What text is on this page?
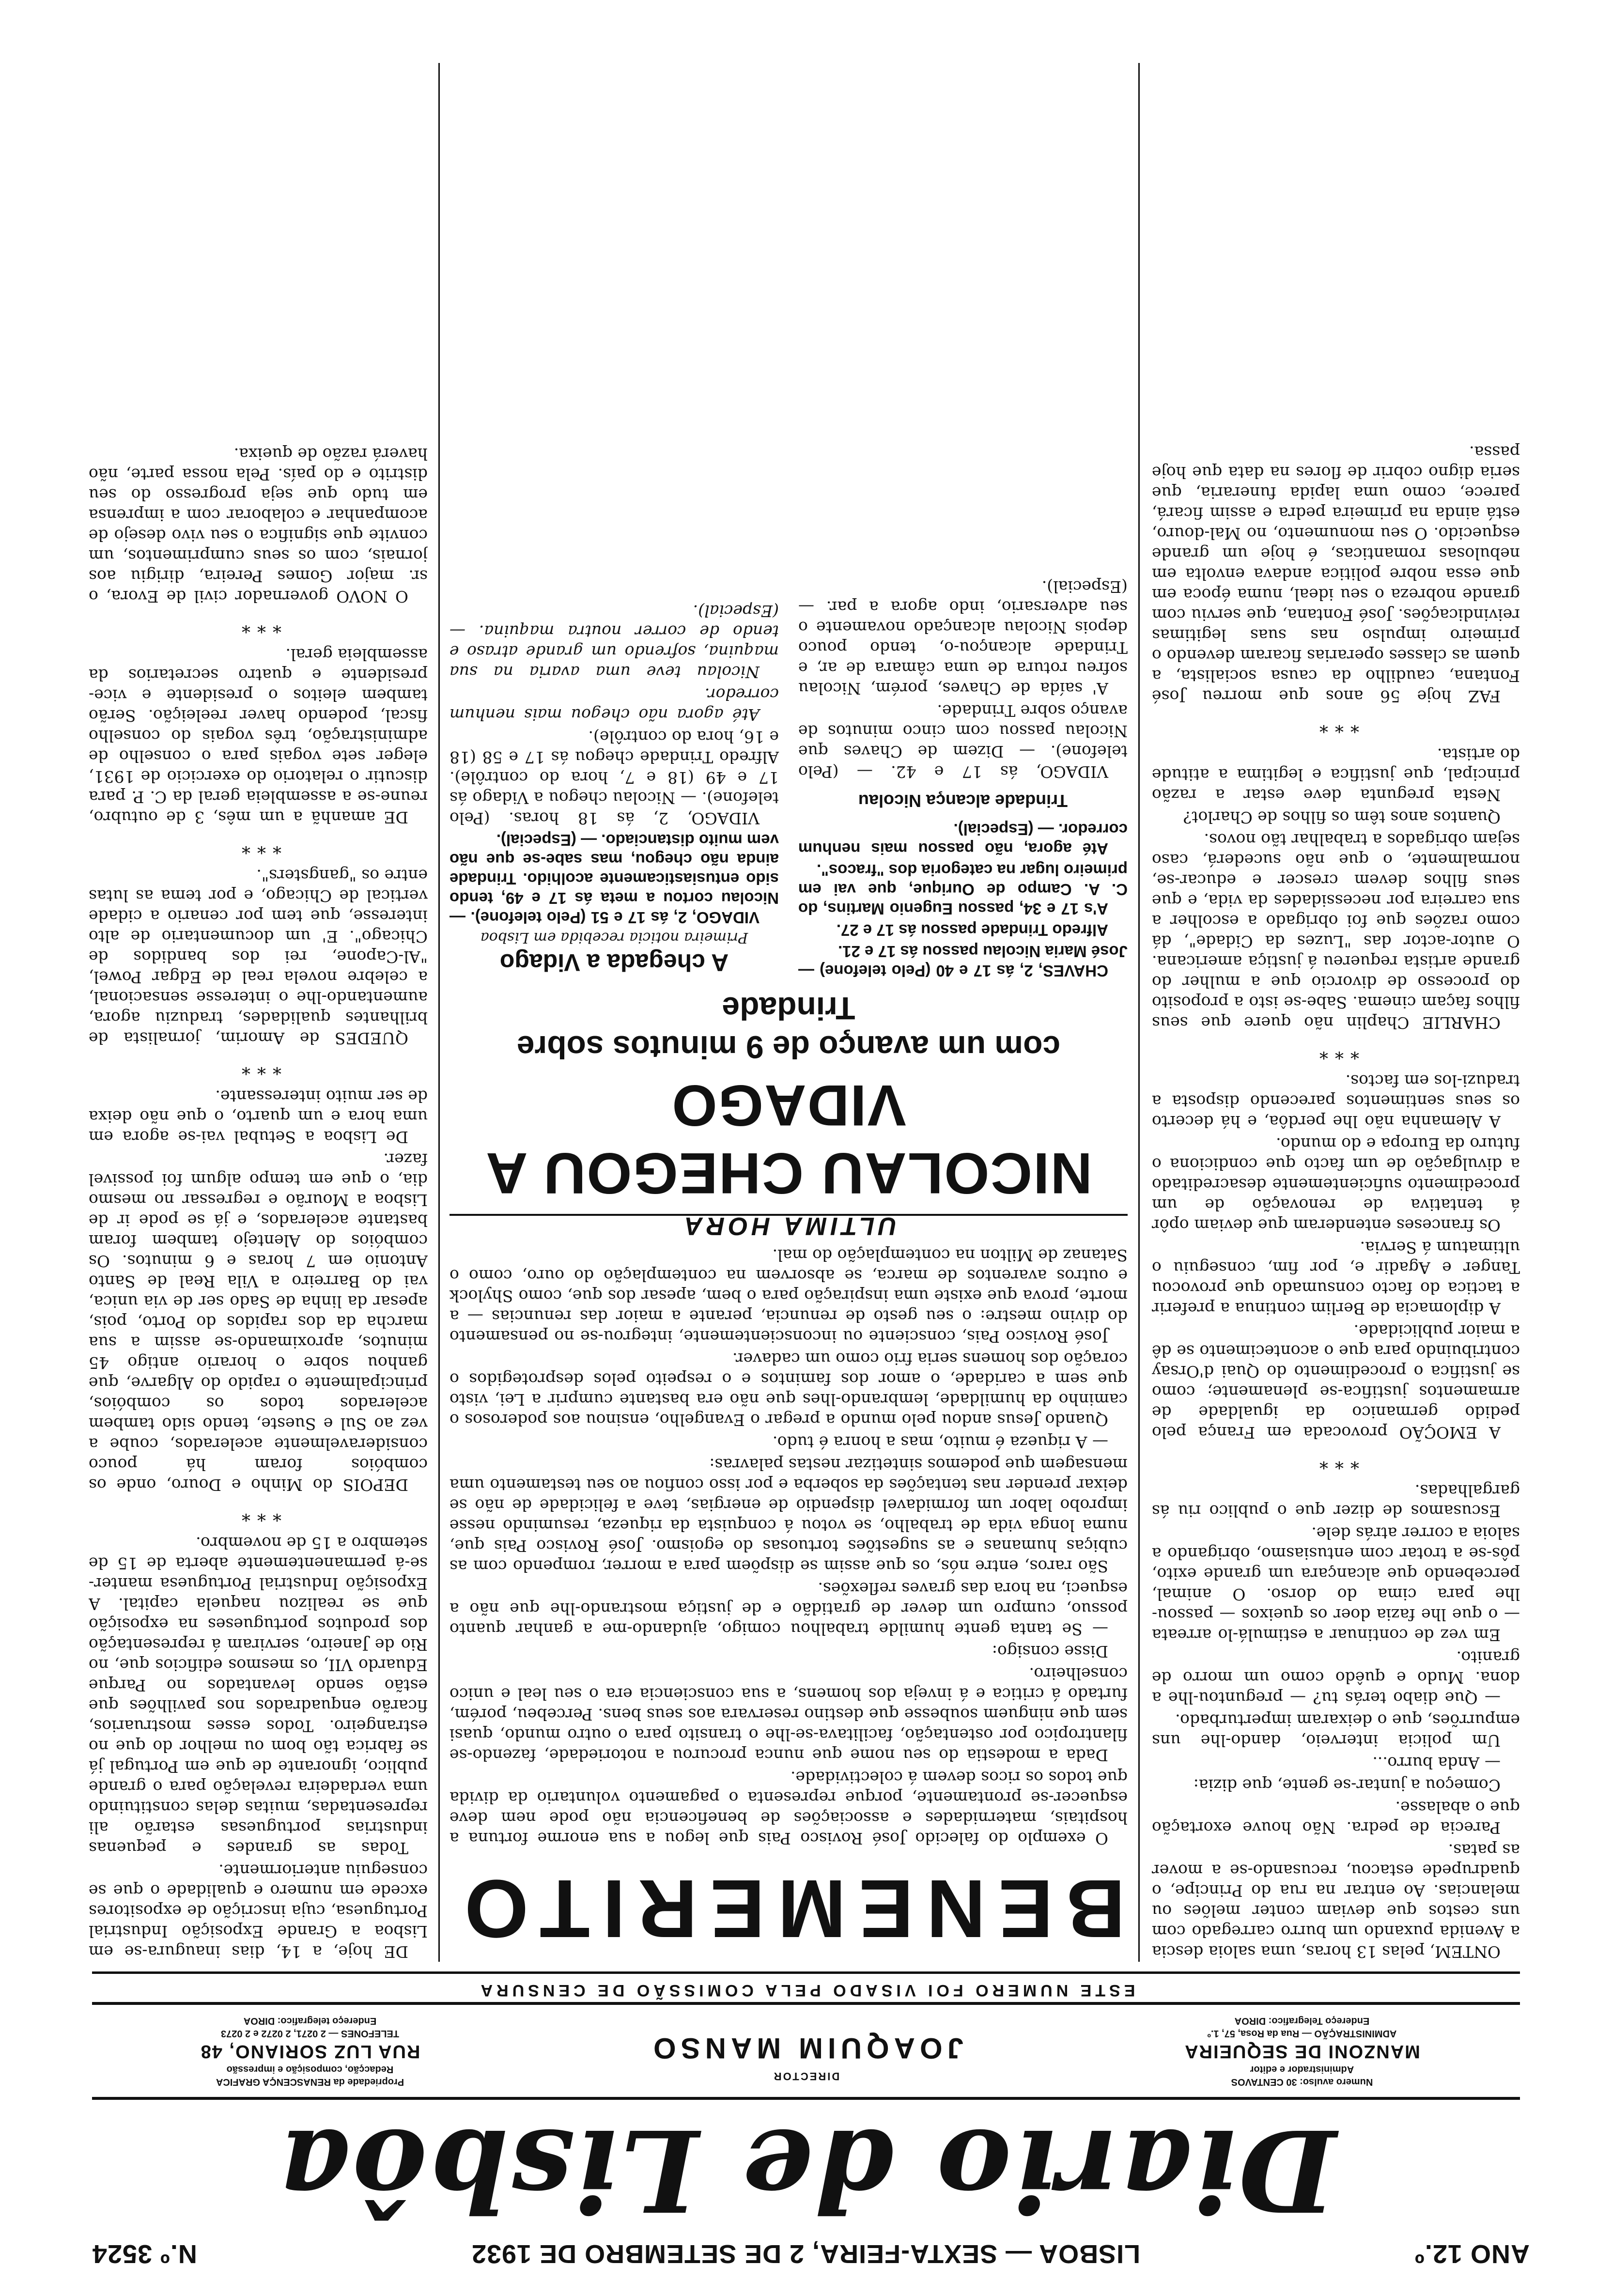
ANO 12.º
LISBOA — SEXTA-FEIRA, 2 DE SETEMBRO DE 1932
N.º 3524
Diario de Lisbôa
Numero avulso: 30 CENTAVOS
Administrador e editor
MANZONI DE SEQUEIRA
ADMINISTRAÇÃO — Rua da Rosa, 57, 1.º
Endereço Telegrafico: DIROA
DIRECTOR
JOAQUIM MANSO
Propriedade da RENASCENÇA GRAFICA
Redacção, composição e impressão
RUA LUZ SORIANO, 48
TELEFONES — 2 0271, 2 0272 e 2 0273
Endereço telegrafico: DIROA
ESTE NUMERO FOI VISADO PELA COMISSÃO DE CENSURA

ONTEM, pelas 13 horas, uma saloia descia a Avenida puxando um burro carregado com uns cestos que deviam conter melões ou melancias. Ao entrar na rua do Principe, o quadrupede estacou, recusando-se a mover as patas.

Parecia de pedra. Não houve exortação que o abalasse.

Começou a juntar-se gente, que dizia:

— Anda burro...

Um policia interveio, dando-lhe uns empurrões, que o deixaram imperturbado.

— Que diabo terás tu? — preguntou-lhe a dona. Mudo e quêdo como um morro de granito.

Em vez de continuar a estimulá-lo arreata — o que lhe fazia doer os queixos — passou-lhe para cima do dorso. O animal, percebendo que alcançara um grande exito, pôs-se a trotar com entusiasmo, obrigando a saloia a correr atrás dele.

Escusamos de dizer que o publico riu ás gargalhadas.

***

A EMOÇÃO provocada em França pelo pedido germanico da igualdade de armamentos justifica-se plenamente; como se justifica o procedimento do Quai d'Orsay contribuindo para que o acontecimento se dê a maior publicidade.

A diplomacia de Berlim continua a preferir a tactica do facto consumado que provocou Tanger e Agadir e, por fim, conseguiu o ultimatum á Servia.

Os franceses entenderam que deviam opôr á tentativa de renovação de um procedimento suficientemente desacreditado a divulgação de um facto que condiciona o futuro da Europa e do mundo.

A Alemanha não lhe perdôa, e há decerto os seus sentimentos parecendo disposta a traduzi-los em factos.

***

CHARLIE Chaplin não quere que seus filhos façam cinema. Sabe-se isto a proposito do processo de divorcio que a mulher do grande artista requereu á justiça americana. O autor-actor das "Luzes da Cidade", dá como razões que foi obrigado a escolher a sua carreira por necessidades da vida, e que seus filhos devem crescer e educar-se, normalmente, o que não sucederá, caso sejam obrigados a trabalhar tão novos.

Quantos anos têm os filhos de Charlot?

Nesta pregunta deve estar a razão principal, que justifica e legitima a atitude do artista.

***

FAZ hoje 56 anos que morreu José Fontana, caudilho da causa socialista, a quem as classes operarias ficaram devendo o primeiro impulso nas suas legitimas reivindicações. José Fontana, que serviu com grande nobreza o seu ideal, numa época em que essa nobre politica andava envolta em nebulosas romanticas, é hoje um grande esquecido. O seu monumento, no Mal-douro, está ainda na primeira pedra e assim ficará, parece, como uma lapida funeraria, que seria digno cobrir de flores na data que hoje passa.

BENEMERITO

O exemplo do falecido José Rovisco Pais que legou a sua enorme fortuna a hospitais, maternidades e associações de beneficencia não pode nem deve esquecer-se prontamente, porque representa o pagamento voluntario da divida que todos os ricos devem á colectividade.

Dada a modestia do seu nome que nunca procurou a notoriedade, fazendo-se filantropico por ostentação, facilitava-se-lhe o transito para o outro mundo, quasi sem que ninguem soubesse que destino reservara aos seus bens. Percebeu, porém, furtado á critica e á inveja dos homens, a sua consciencia era o seu leal e unico conselheiro.

Disse consigo:

— Se tanta gente humilde trabalhou comigo, ajudando-me a ganhar quanto possuo, cumpro um dever de gratidão e de justiça mostrando-lhe que não a esqueci, na hora das graves reflexões.

São raros, entre nós, os que assim se dispõem para a morrer, rompendo com as cubiças humanas e as sugestões tortuosas do egoismo. José Rovisco Pais que, numa longa vida de trabalho, se votou á conquista da riqueza, resumindo nesse improbo labor um formidavel dispendio de energias, teve a felicidade de não se deixar prender nas tentações da soberba e por isso confiou ao seu testamento uma mensagem que podemos sintetizar nestas palavras:

— A riqueza é muito, mas a honra é tudo.

Quando Jesus andou pelo mundo a pregar o Evangelho, ensinou aos poderosos o caminho da humildade, lembrando-lhes que não era bastante cumprir a Lei, visto que sem a caridade, o amor dos famintos e o respeito pelos desprotegidos o coração dos homens seria frio como um cadaver.

José Rovisco Pais, consciente ou inconscientemente, integrou-se no pensamento do divino mestre: o seu gesto de renuncia, perante a maior das renuncias — a morte, prova que existe uma inspiração para o bem, apesar dos que, como Shylock e outros avarentos de marca, se absorvem na contemplação do ouro, como o Satanaz de Milton na contemplação do mal.

ULTIMA HORA
NICOLAU CHEGOU A VIDAGO
com um avanço de 9 minutos sobre Trindade

CHAVES, 2, ás 17 e 40 (Pelo telefone) — José Maria Nicolau passou ás 17 e 21.

Alfredo Trindade passou ás 17 e 27.

A's 17 e 34, passou Eugenio Martins, do C. A. Campo de Ourique, que vai em primeiro lugar na categoria dos "fracos".

Até agora, não passou mais nenhum corredor. — (Especial).

Trindade alcança Nicolau

VIDAGO, ás 17 e 42. — (Pelo telefone). — Dizem de Chaves que Nicolau passou com cinco minutos de avanço sobre Trindade.

A' saída de Chaves, porém, Nicolau sofreu rotura de uma câmara de ar, e Trindade alcançou-o, tendo pouco depois Nicolau alcançado novamente o seu adversario, indo agora a par. — (Especial).

A chegada a Vidago
Primeira noticia recebida em Lisboa

VIDAGO, 2, ás 17 e 51 (Pelo telefone). — Nicolau cortou a meta ás 17 e 49, tendo sido entusiasticamente acolhido. Trindade ainda não chegou, mas sabe-se que não vem muito distanciado. — (Especial).

VIDAGO, 2, ás 18 horas. (Pelo telefone). — Nicolau chegou a Vidago ás 17 e 49 (18 e 7, hora do contrôle). Alfredo Trindade chegou ás 17 e 58 (18 e 16, hora do contrôle).

Até agora não chegou mais nenhum corredor.

Nicolau teve uma avaria na sua maquina, sofrendo um grande atraso e tendo de correr noutra maquina. — (Especial).

DE hoje, a 14, dias inaugura-se em Lisboa a Grande Exposição Industrial Portuguesa, cuja inscrição de expositores excede em numero e qualidade o que se conseguiu anteriormente.

Todas as grandes e pequenas industrias portuguesas estarão ali representadas, muitas delas constituindo uma verdadeira revelação para o grande publico, ignorante de que em Portugal já se fabrica tão bom ou melhor do que no estrangeiro. Todos esses mostruarios, ficarão enquadrados nos pavilhões que estão sendo levantados no Parque Eduardo VII, os mesmos edificios que, no Rio de Janeiro, serviram á representação dos produtos portugueses na exposição que se realizou naquela capital. A Exposição Industrial Portuguesa manter-se-á permanentemente aberta de 15 de setembro a 15 de novembro.

***

DEPOIS do Minho e Douro, onde os combóios foram há pouco consideravelmente acelerados, coube a vez ao Sul e Sueste, tendo sido tambem acelerados todos os combóios, principalmente o rapido do Algarve, que ganhou sobre o horario antigo 45 minutos, aproximando-se assim a sua marcha da dos rapidos do Porto, pois, apesar da linha de Sado ser de via unica, vai do Barreiro a Vila Real de Santo Antonio em 7 horas e 6 minutos. Os combóios do Alentejo tambem foram bastante acelerados, e já se pode ir de Lisboa a Mourão e regressar no mesmo dia, o que em tempo algum foi possivel fazer.

De Lisboa a Setubal vai-se agora em uma hora e um quarto, o que não deixa de ser muito interessante.

***

QUEDES de Amorim, jornalista de brilhantes qualidades, traduziu agora, aumentando-lhe o interesse sensacional, a celebre novela real de Edgar Powel, "Al-Capone, rei dos bandidos de Chicago". E' um documentario de alto interesse, que tem por cenario a cidade vertical de Chicago, e por tema as lutas entre os "gangsters".

***

DE amanhã a um mês, 3 de outubro, reune-se a assembleia geral da C. P. para discutir o relatorio do exercicio de 1931, eleger sete vogais para o conselho de administração, três vogais do conselho fiscal, podendo haver reeleição. Serão tambem eleitos o presidente e vice-presidente e quatro secretarios da assembleia geral.

***

O NOVO governador civil de Evora, o sr. major Gomes Pereira, dirigiu aos jornais, com os seus cumprimentos, um convite que significa o seu vivo desejo de acompanhar e colaborar com a imprensa em tudo que seja progresso do seu distrito e do país. Pela nossa parte, não haverá razão de queixa.
